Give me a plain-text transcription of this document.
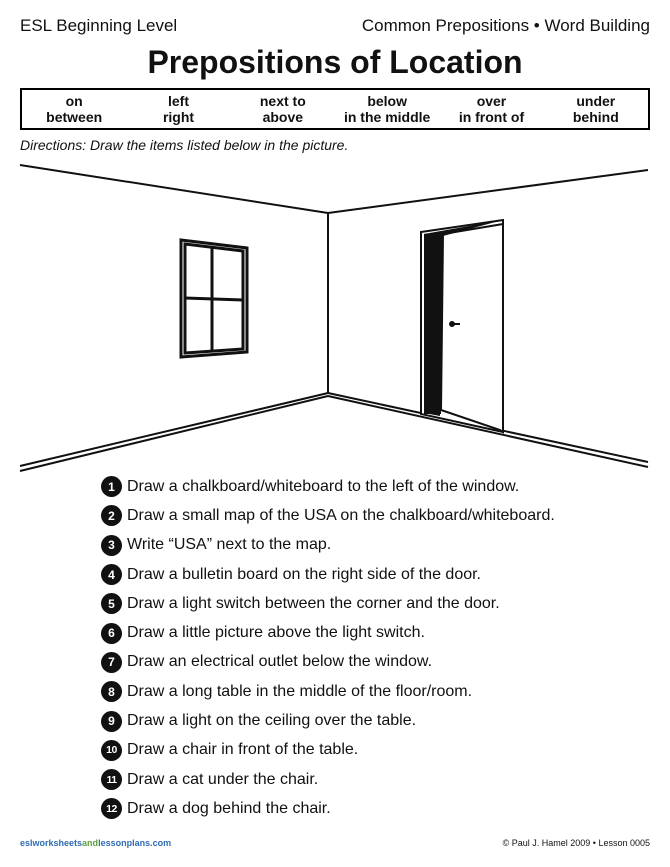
ESL Beginning Level	Common Prepositions • Word Building
Prepositions of Location
on
between
left
right
next to
above
below
in the middle
over
in front of
under
behind
Directions: Draw the items listed below in the picture.
1 Draw a chalkboard/whiteboard to the left of the window.
2 Draw a small map of the USA on the chalkboard/whiteboard.
3 Write “USA” next to the map.
4 Draw a bulletin board on the right side of the door.
5 Draw a light switch between the corner and the door.
6 Draw a little picture above the light switch.
7 Draw an electrical outlet below the window.
8 Draw a long table in the middle of the floor/room.
9 Draw a light on the ceiling over the table.
10 Draw a chair in front of the table.
11 Draw a cat under the chair.
12 Draw a dog behind the chair.
eslworksheetsandlessonplans.com	© Paul J. Hamel 2009 • Lesson 0005
